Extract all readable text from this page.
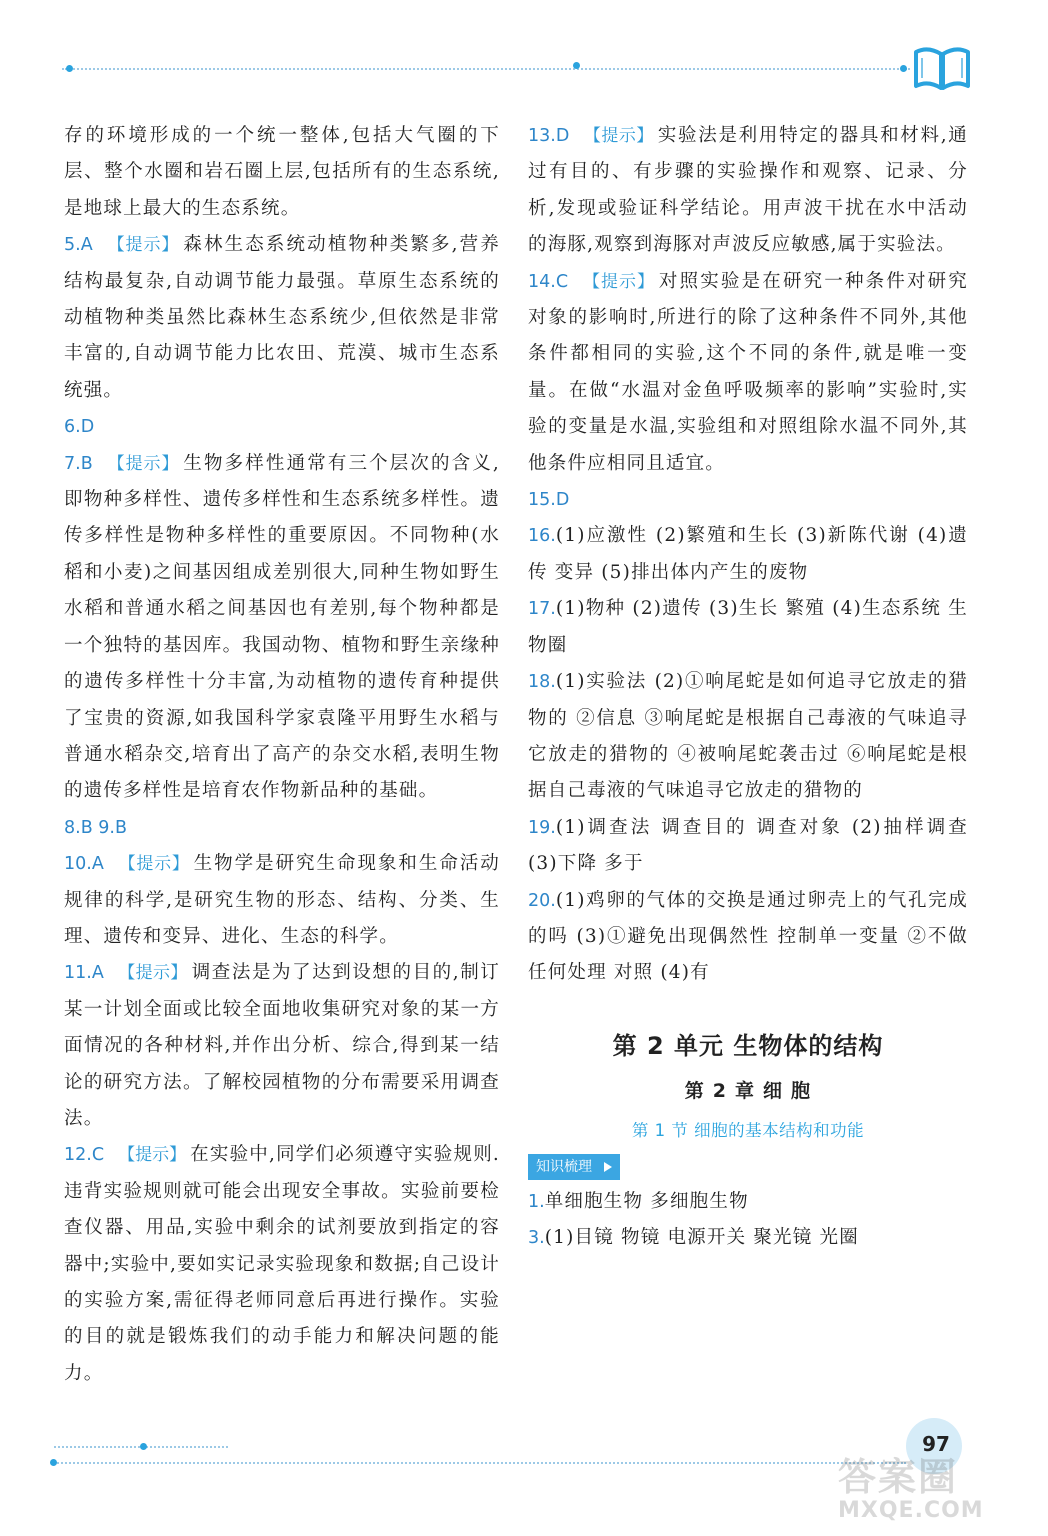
存的环境形成的一个统一整体,包括大气圈的下层、整个水圈和岩石圈上层,包括所有的生态系统,是地球上最大的生态系统。

5.A 【提示】 森林生态系统动植物种类繁多,营养结构最复杂,自动调节能力最强。草原生态系统的动植物种类虽然比森林生态系统少,但依然是非常丰富的,自动调节能力比农田、荒漠、城市生态系统强。

6.D

7.B 【提示】 生物多样性通常有三个层次的含义,即物种多样性、遗传多样性和生态系统多样性。遗传多样性是物种多样性的重要原因。不同物种(水稻和小麦)之间基因组成差别很大,同种生物如野生水稻和普通水稻之间基因也有差别,每个物种都是一个独特的基因库。我国动物、植物和野生亲缘种的遗传多样性十分丰富,为动植物的遗传育种提供了宝贵的资源,如我国科学家袁隆平用野生水稻与普通水稻杂交,培育出了高产的杂交水稻,表明生物的遗传多样性是培育农作物新品种的基础。

8.B 9.B

10.A 【提示】 生物学是研究生命现象和生命活动规律的科学,是研究生物的形态、结构、分类、生理、遗传和变异、进化、生态的科学。

11.A 【提示】 调查法是为了达到设想的目的,制订某一计划全面或比较全面地收集研究对象的某一方面情况的各种材料,并作出分析、综合,得到某一结论的研究方法。了解校园植物的分布需要采用调查法。

12.C 【提示】 在实验中,同学们必须遵守实验规则.违背实验规则就可能会出现安全事故。实验前要检查仪器、用品,实验中剩余的试剂要放到指定的容器中;实验中,要如实记录实验现象和数据;自己设计的实验方案,需征得老师同意后再进行操作。实验的目的就是锻炼我们的动手能力和解决问题的能力。

13.D 【提示】 实验法是利用特定的器具和材料,通过有目的、有步骤的实验操作和观察、记录、分析,发现或验证科学结论。用声波干扰在水中活动的海豚,观察到海豚对声波反应敏感,属于实验法。

14.C 【提示】 对照实验是在研究一种条件对研究对象的影响时,所进行的除了这种条件不同外,其他条件都相同的实验,这个不同的条件,就是唯一变量。在做“水温对金鱼呼吸频率的影响”实验时,实验的变量是水温,实验组和对照组除水温不同外,其他条件应相同且适宜。

15.D

16.(1)应激性 (2)繁殖和生长 (3)新陈代谢 (4)遗传 变异 (5)排出体内产生的废物

17.(1)物种 (2)遗传 (3)生长 繁殖 (4)生态系统 生物圈

18.(1)实验法 (2)①响尾蛇是如何追寻它放走的猎物的 ②信息 ③响尾蛇是根据自己毒液的气味追寻它放走的猎物的 ④被响尾蛇袭击过 ⑥响尾蛇是根据自己毒液的气味追寻它放走的猎物的

19.(1)调查法 调查目的 调查对象 (2)抽样调查 (3)下降 多于

20.(1)鸡卵的气体的交换是通过卵壳上的气孔完成的吗 (3)①避免出现偶然性 控制单一变量 ②不做任何处理 对照 (4)有

第 2 单元 生物体的结构
第 2 章 细 胞
第 1 节 细胞的基本结构和功能
知识梳理

1.单细胞生物 多细胞生物

3.(1)目镜 物镜 电源开关 聚光镜 光圈

97
答案圈
MXQE.COM
